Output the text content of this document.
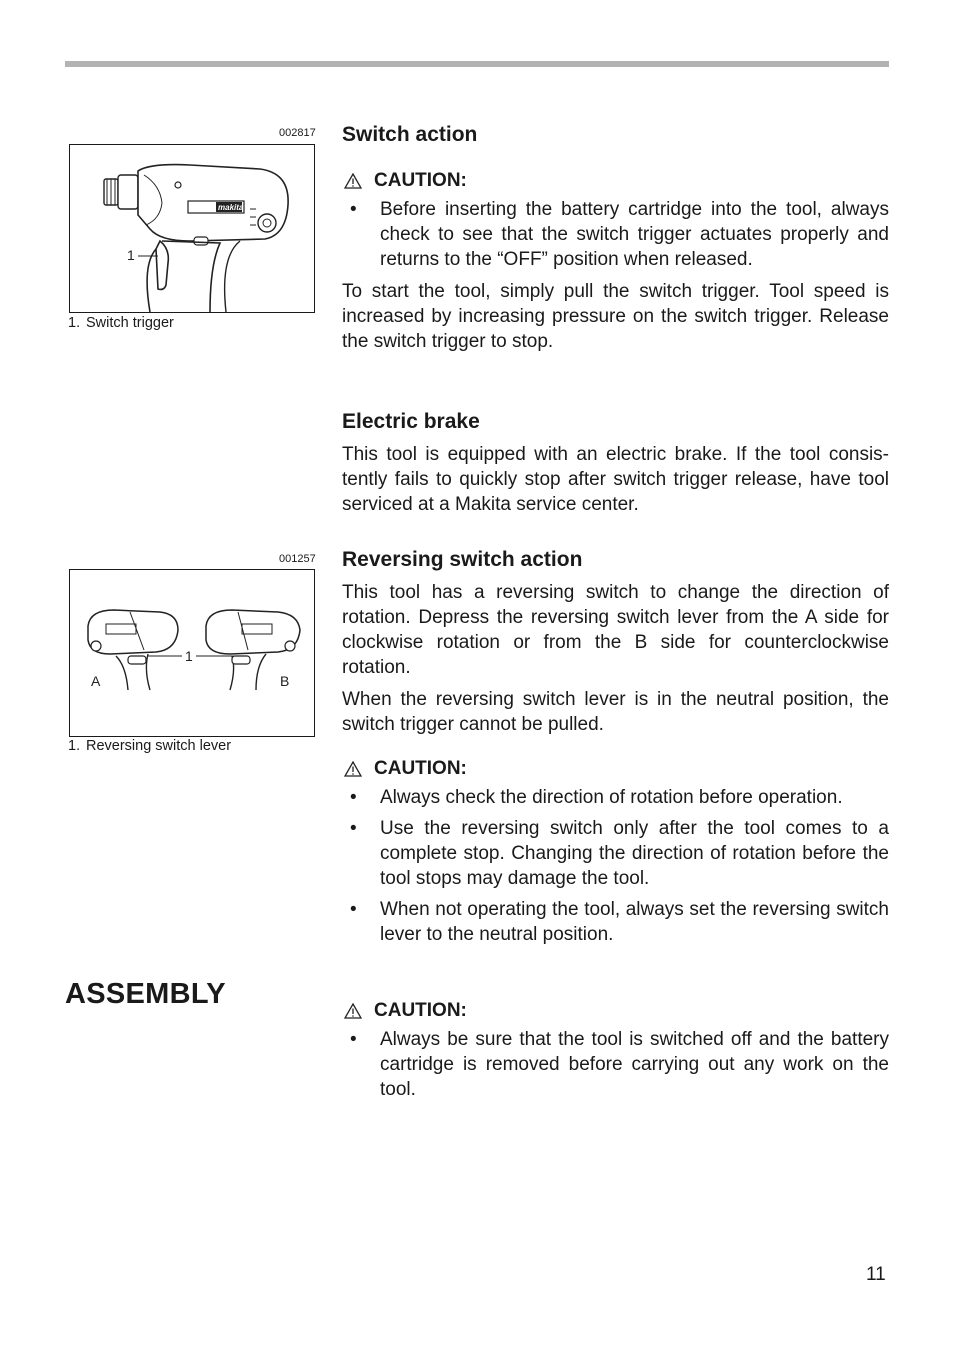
002817
makita
1
1. Switch trigger
001257
1
A	B
1. Reversing switch lever
Switch action
CAUTION:
• Before inserting the battery cartridge into the tool, always check to see that the switch trigger actuates properly and returns to the “OFF” position when released.

To start the tool, simply pull the switch trigger. Tool speed is increased by increasing pressure on the switch trigger. Release the switch trigger to stop.

Electric brake

This tool is equipped with an electric brake. If the tool consis-tently fails to quickly stop after switch trigger release, have tool serviced at a Makita service center.

Reversing switch action

This tool has a reversing switch to change the direction of rotation. Depress the reversing switch lever from the A side for clockwise rotation or from the B side for counterclockwise rotation.

When the reversing switch lever is in the neutral position, the switch trigger cannot be pulled.

CAUTION:
• Always check the direction of rotation before operation.
• Use the reversing switch only after the tool comes to a complete stop. Changing the direction of rotation before the tool stops may damage the tool.
• When not operating the tool, always set the reversing switch lever to the neutral position.
ASSEMBLY
CAUTION:
• Always be sure that the tool is switched off and the battery cartridge is removed before carrying out any work on the tool.
11
